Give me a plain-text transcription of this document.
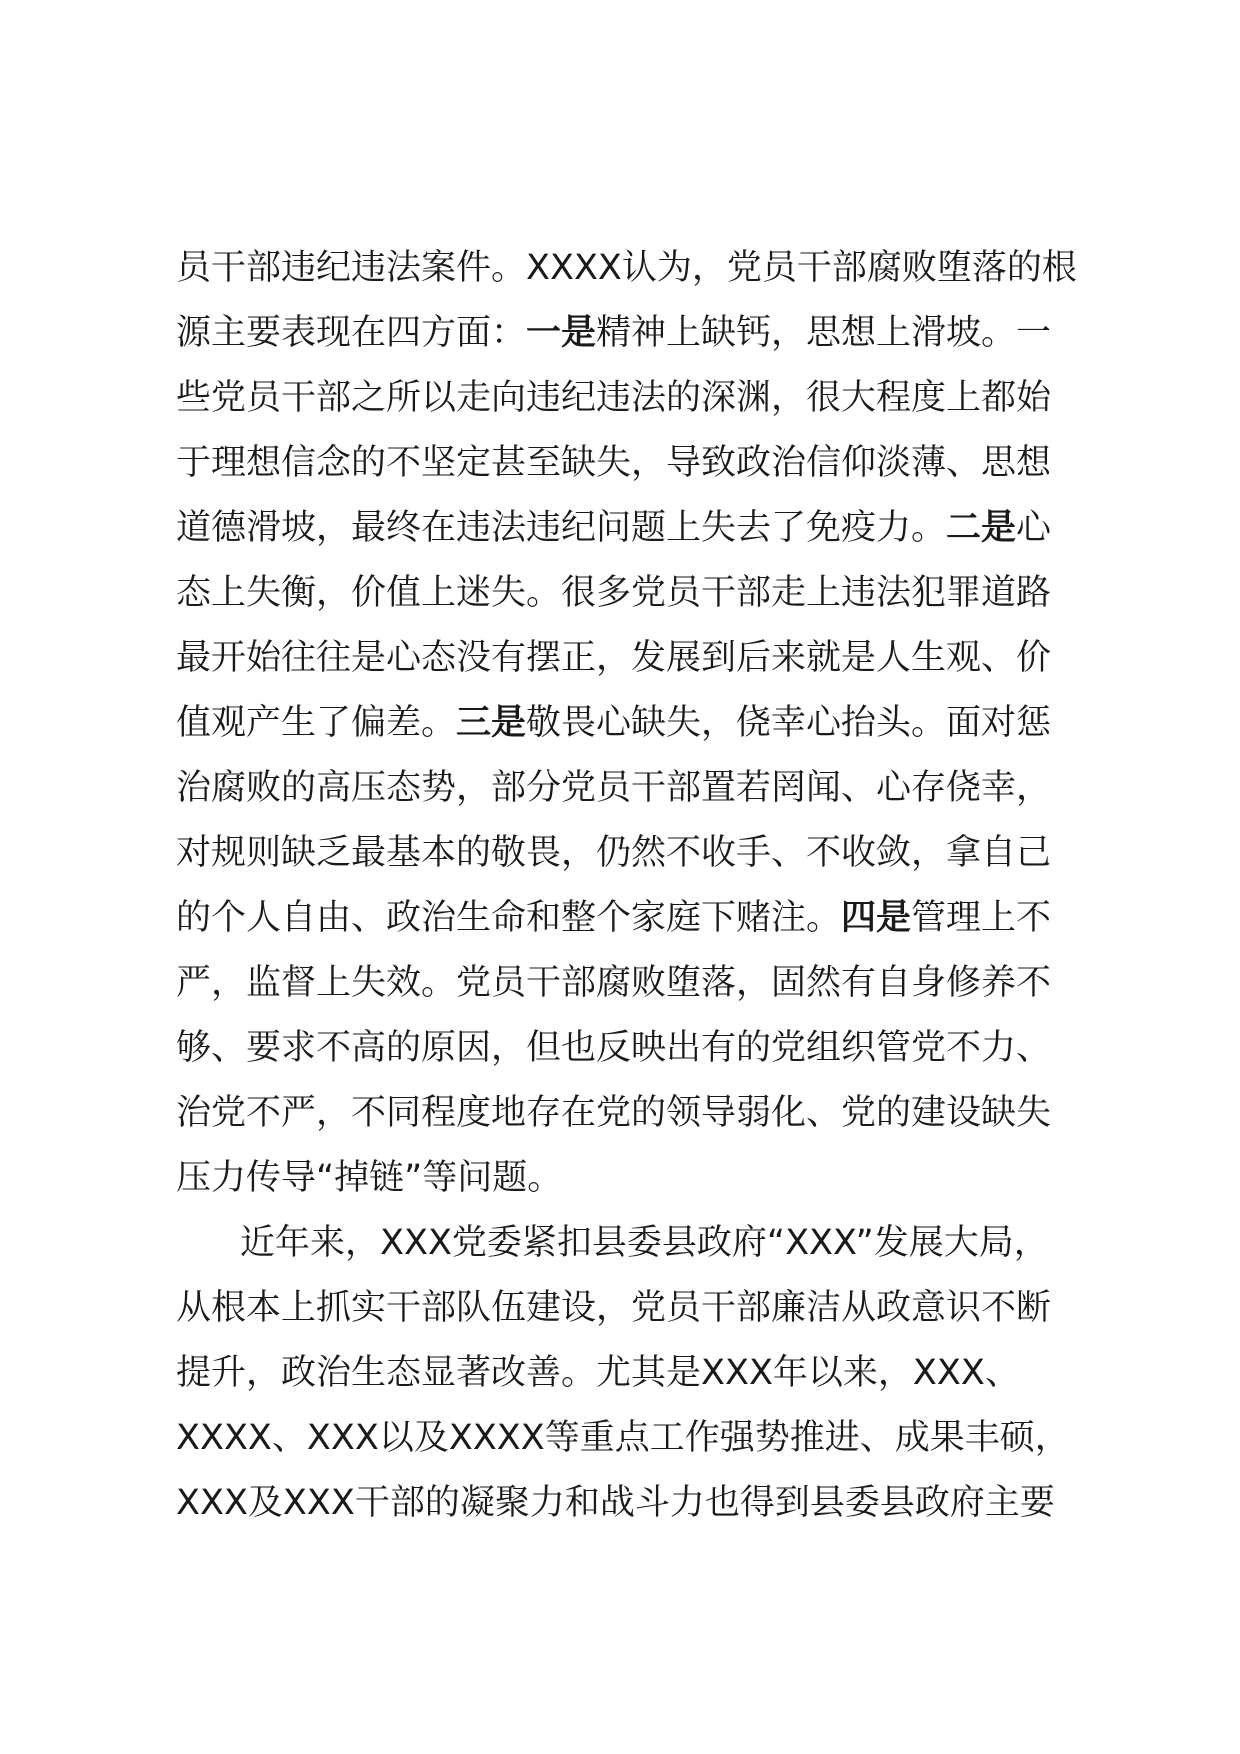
员干部违纪违法案件。XXXX认为，党员干部腐败堕落的根
源主要表现在四方面：一是精神上缺钙，思想上滑坡。一
些党员干部之所以走向违纪违法的深渊，很大程度上都始
于理想信念的不坚定甚至缺失，导致政治信仰淡薄、思想
道德滑坡，最终在违法违纪问题上失去了免疫力。二是心
态上失衡，价值上迷失。很多党员干部走上违法犯罪道路
最开始往往是心态没有摆正，发展到后来就是人生观、价
值观产生了偏差。三是敬畏心缺失，侥幸心抬头。面对惩
治腐败的高压态势，部分党员干部置若罔闻、心存侥幸，
对规则缺乏最基本的敬畏，仍然不收手、不收敛，拿自己
的个人自由、政治生命和整个家庭下赌注。四是管理上不
严，监督上失效。党员干部腐败堕落，固然有自身修养不
够、要求不高的原因，但也反映出有的党组织管党不力、
治党不严，不同程度地存在党的领导弱化、党的建设缺失
压力传导“掉链”等问题。
近年来，XXX党委紧扣县委县政府“XXX”发展大局，
从根本上抓实干部队伍建设，党员干部廉洁从政意识不断
提升，政治生态显著改善。尤其是XXX年以来，XXX、
XXXX、XXX以及XXXX等重点工作强势推进、成果丰硕，
XXX及XXX干部的凝聚力和战斗力也得到县委县政府主要
